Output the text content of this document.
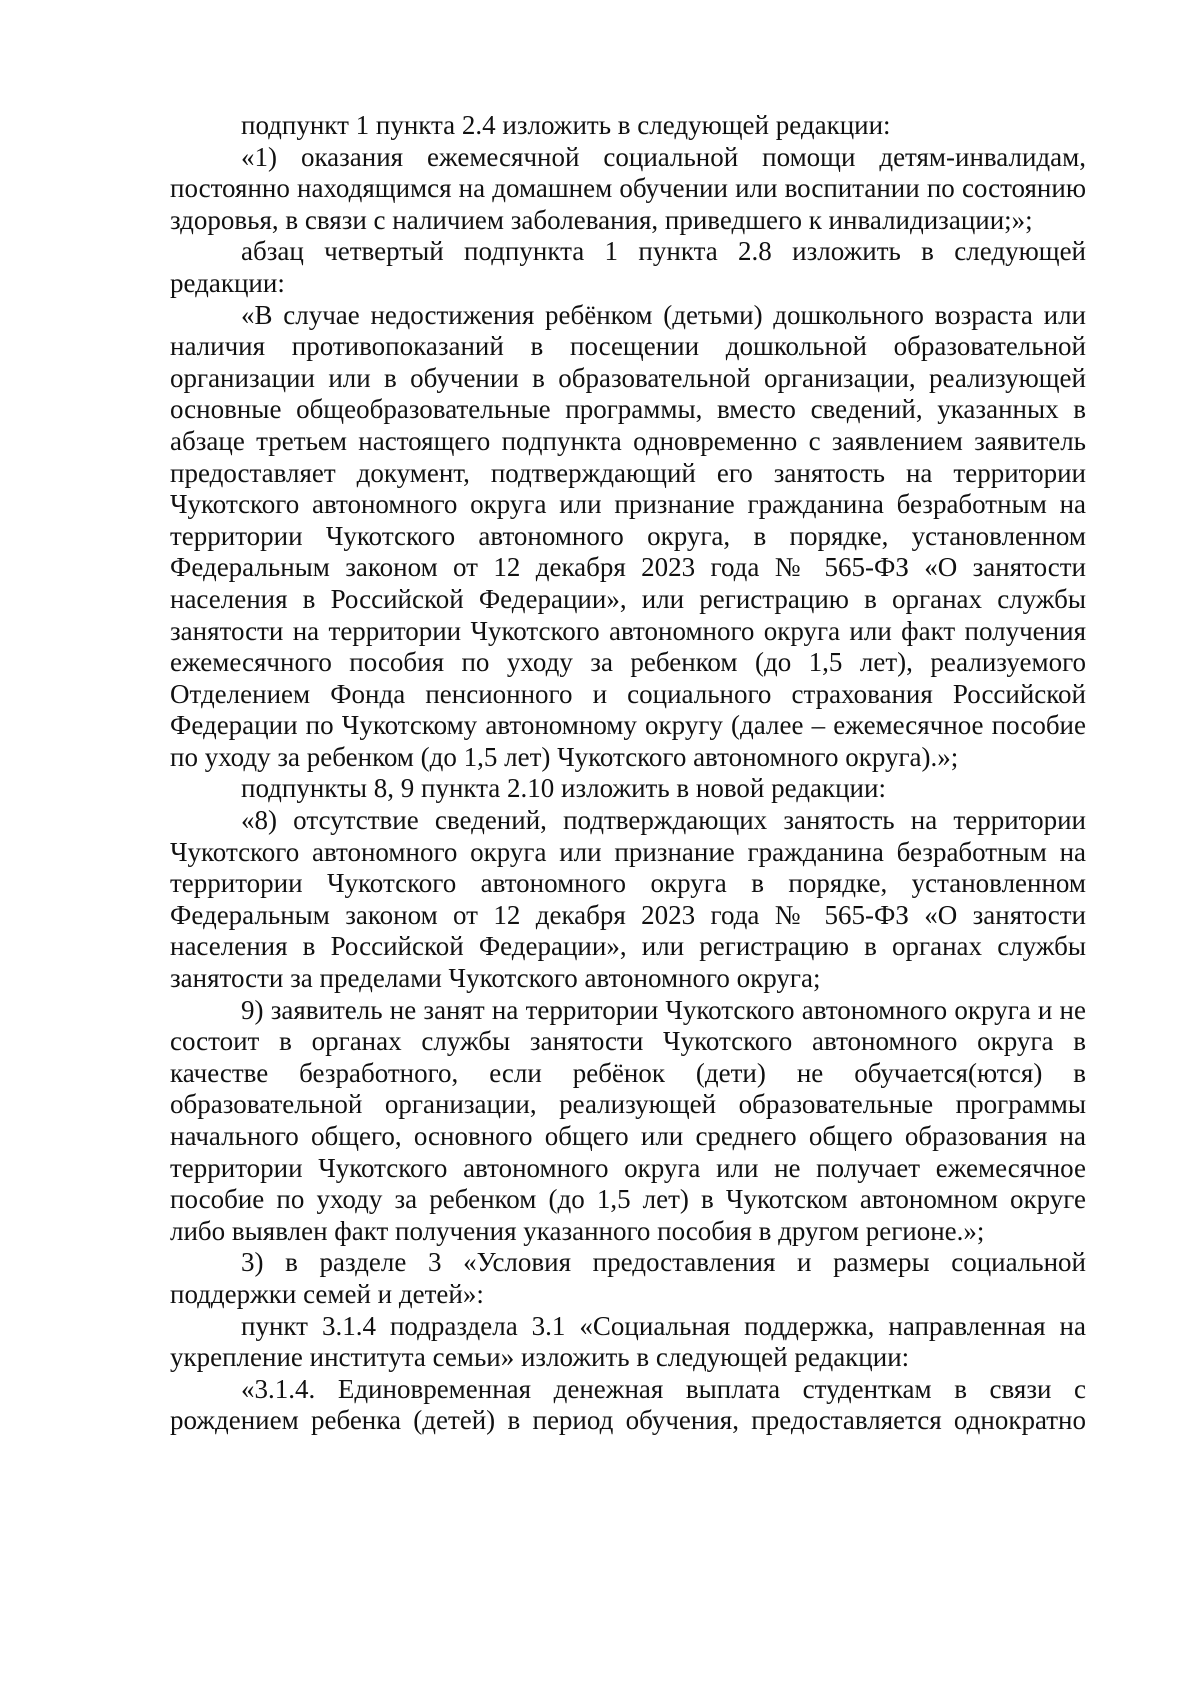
подпункт 1 пункта 2.4 изложить в следующей редакции:

«1) оказания ежемесячной социальной помощи детям-инвалидам, постоянно находящимся на домашнем обучении или воспитании по состоянию здоровья, в связи с наличием заболевания, приведшего к инвалидизации;»;

абзац четвертый подпункта 1 пункта 2.8 изложить в следующей редакции:

«В случае недостижения ребёнком (детьми) дошкольного возраста или наличия противопоказаний в посещении дошкольной образовательной организации или в обучении в образовательной организации, реализующей основные общеобразовательные программы, вместо сведений, указанных в абзаце третьем настоящего подпункта одновременно с заявлением заявитель предоставляет документ, подтверждающий его занятость на территории Чукотского автономного округа или признание гражданина безработным на территории Чукотского автономного округа, в порядке, установленном Федеральным законом от 12 декабря 2023 года № 565-ФЗ «О занятости населения в Российской Федерации», или регистрацию в органах службы занятости на территории Чукотского автономного округа или факт получения ежемесячного пособия по уходу за ребенком (до 1,5 лет), реализуемого Отделением Фонда пенсионного и социального страхования Российской Федерации по Чукотскому автономному округу (далее – ежемесячное пособие по уходу за ребенком (до 1,5 лет) Чукотского автономного округа).»;

подпункты 8, 9 пункта 2.10 изложить в новой редакции:

«8) отсутствие сведений, подтверждающих занятость на территории Чукотского автономного округа или признание гражданина безработным на территории Чукотского автономного округа в порядке, установленном Федеральным законом от 12 декабря 2023 года № 565-ФЗ «О занятости населения в Российской Федерации», или регистрацию в органах службы занятости за пределами Чукотского автономного округа;

9) заявитель не занят на территории Чукотского автономного округа и не состоит в органах службы занятости Чукотского автономного округа в качестве безработного, если ребёнок (дети) не обучается(ются) в образовательной организации, реализующей образовательные программы начального общего, основного общего или среднего общего образования на территории Чукотского автономного округа или не получает ежемесячное пособие по уходу за ребенком (до 1,5 лет) в Чукотском автономном округе либо выявлен факт получения указанного пособия в другом регионе.»;

3) в разделе 3 «Условия предоставления и размеры социальной поддержки семей и детей»:

пункт 3.1.4 подраздела 3.1 «Социальная поддержка, направленная на укрепление института семьи» изложить в следующей редакции:

«3.1.4. Единовременная денежная выплата студенткам в связи с рождением ребенка (детей) в период обучения, предоставляется однократно
